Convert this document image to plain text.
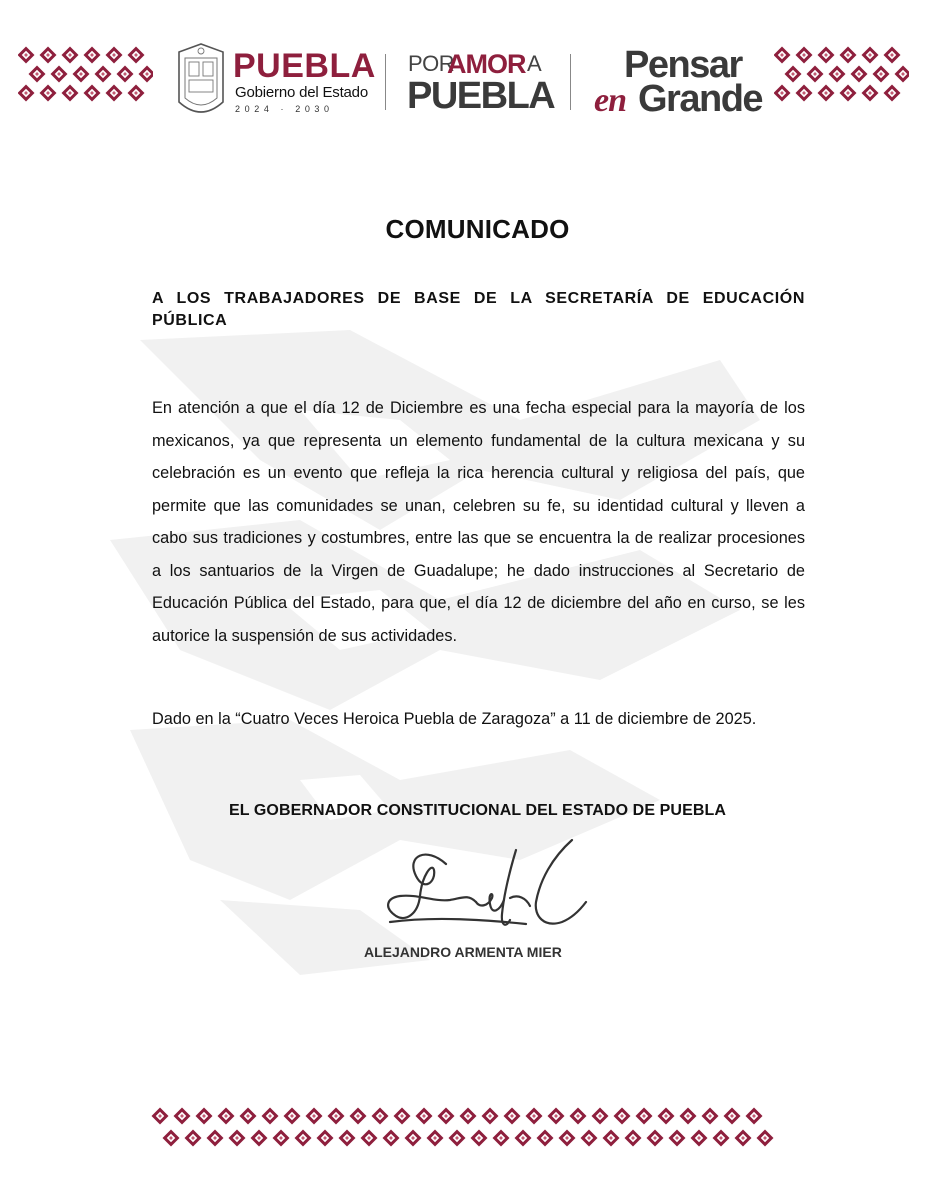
PUEBLA
Gobierno del Estado
2024 · 2030
POR
AMOR A
PUEBLA
Pensar
en Grande
COMUNICADO

A LOS TRABAJADORES DE BASE DE LA SECRETARÍA DE EDUCACIÓN PÚBLICA

En atención a que el día 12 de Diciembre es una fecha especial para la mayoría de los mexicanos, ya que representa un elemento fundamental de la cultura mexicana y su celebración es un evento que refleja la rica herencia cultural y religiosa del país, que permite que las comunidades se unan, celebren su fe, su identidad cultural y lleven a cabo sus tradiciones y costumbres, entre las que se encuentra la de realizar procesiones a los santuarios de la Virgen de Guadalupe; he dado instrucciones al Secretario de Educación Pública del Estado, para que, el día 12 de diciembre del año en curso, se les autorice la suspensión de sus actividades.

Dado en la “Cuatro Veces Heroica Puebla de Zaragoza” a 11 de diciembre de 2025.

EL GOBERNADOR CONSTITUCIONAL DEL ESTADO DE PUEBLA

ALEJANDRO ARMENTA MIER
